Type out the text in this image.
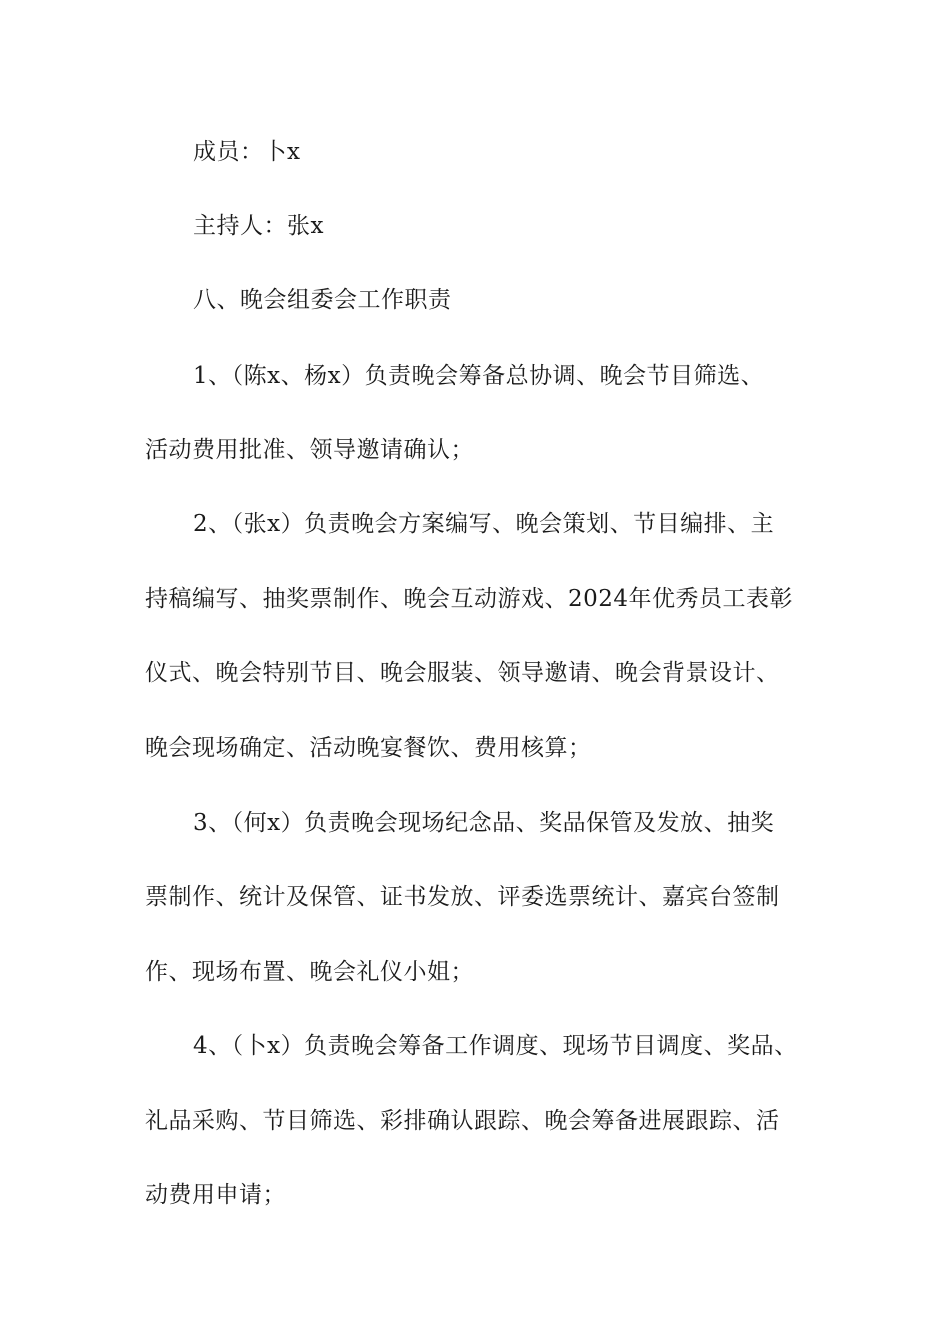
成员：卜x
主持人：张x
八、晚会组委会工作职责
1、（陈x、杨x）负责晚会筹备总协调、晚会节目筛选、
活动费用批准、领导邀请确认；
2、（张x）负责晚会方案编写、晚会策划、节目编排、主
持稿编写、抽奖票制作、晚会互动游戏、2024年优秀员工表彰
仪式、晚会特别节目、晚会服装、领导邀请、晚会背景设计、
晚会现场确定、活动晚宴餐饮、费用核算；
3、（何x）负责晚会现场纪念品、奖品保管及发放、抽奖
票制作、统计及保管、证书发放、评委选票统计、嘉宾台签制
作、现场布置、晚会礼仪小姐；
4、（卜x）负责晚会筹备工作调度、现场节目调度、奖品、
礼品采购、节目筛选、彩排确认跟踪、晚会筹备进展跟踪、活
动费用申请；
